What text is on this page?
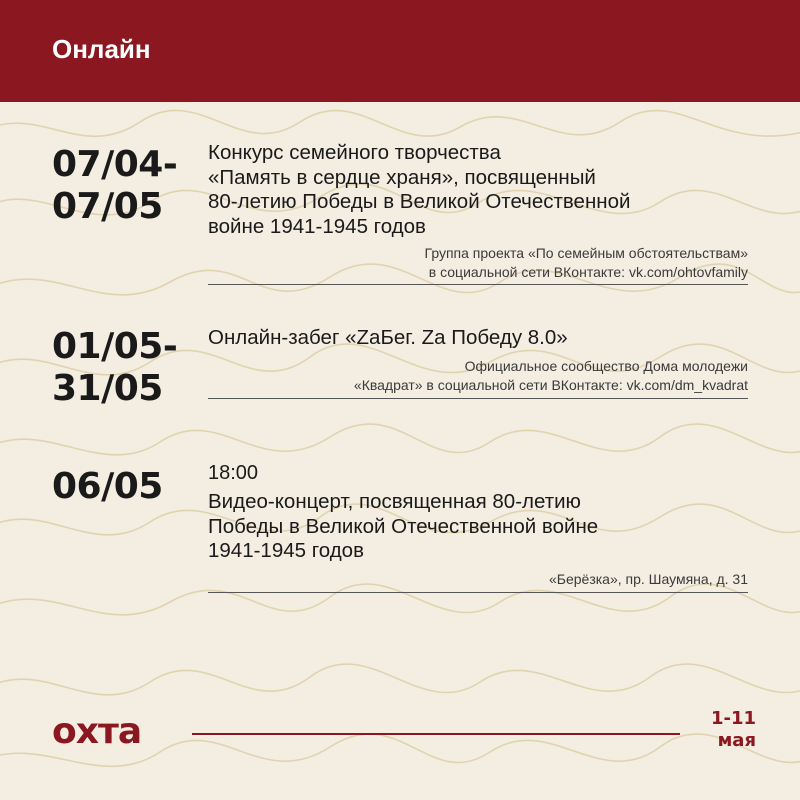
Онлайн
07/04-
07/05
Конкурс семейного творчества
«Память в сердце храня», посвященный
80-летию Победы в Великой Отечественной
войне 1941-1945 годов
Группа проекта «По семейным обстоятельствам»
в социальной сети ВКонтакте: vk.com/ohtovfamily
01/05-
31/05
Онлайн-забег «ZaБег. Za Победу 8.0»
Официальное сообщество Дома молодежи
«Квадрат» в социальной сети ВКонтакте: vk.com/dm_kvadrat
06/05 18:00
Видео-концерт, посвященная 80-летию
Победы в Великой Отечественной войне
1941-1945 годов
«Берёзка», пр. Шаумяна, д. 31
охта	1-11
мая
